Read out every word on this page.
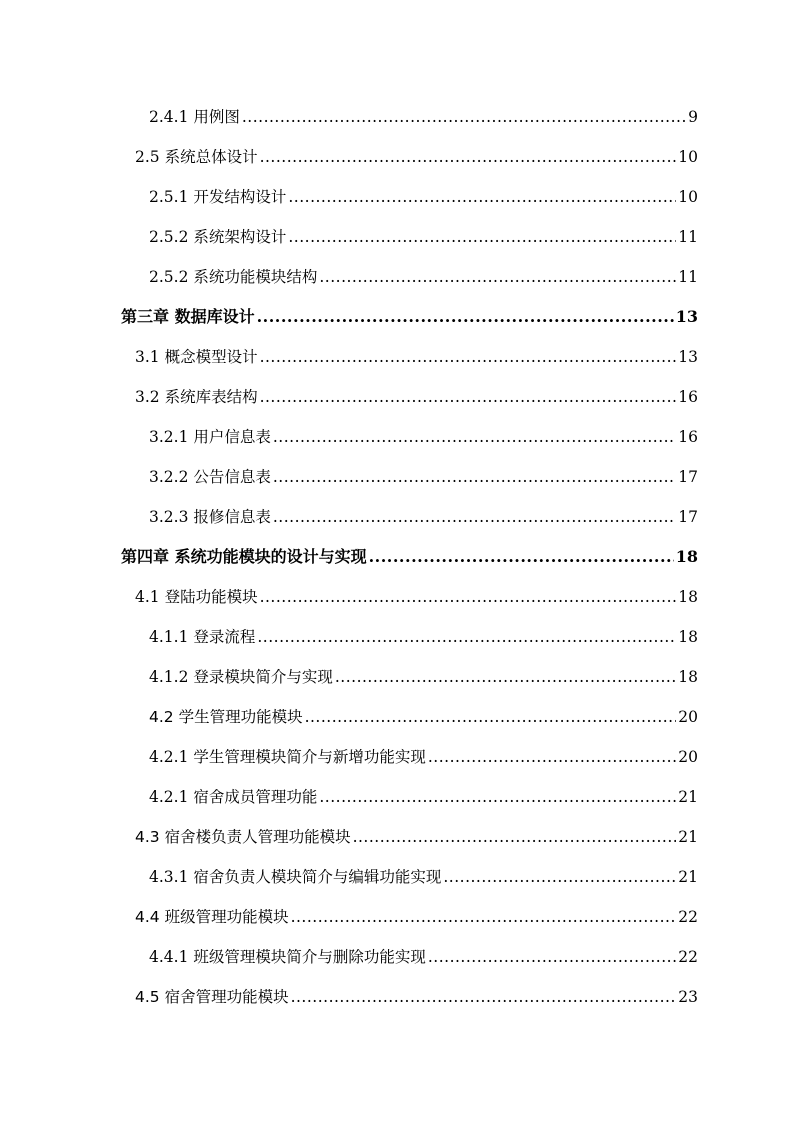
2.4.1 用例图 .....	9
2.5 系统总体设计 .....	10
2.5.1 开发结构设计 .....	10
2.5.2 系统架构设计 .....	11
2.5.2 系统功能模块结构 .....	11
第三章 数据库设计 .....	13
3.1 概念模型设计 .....	13
3.2 系统库表结构 .....	16
3.2.1 用户信息表 .....	16
3.2.2 公告信息表 .....	17
3.2.3 报修信息表 .....	17
第四章 系统功能模块的设计与实现 .....	18
4.1 登陆功能模块 .....	18
4.1.1 登录流程 .....	18
4.1.2 登录模块简介与实现 .....	18
4.2 学生管理功能模块 .....	20
4.2.1 学生管理模块简介与新增功能实现 .....	20
4.2.1 宿舍成员管理功能 .....	21
4.3 宿舍楼负责人管理功能模块 .....	21
4.3.1 宿舍负责人模块简介与编辑功能实现 .....	21
4.4 班级管理功能模块 .....	22
4.4.1 班级管理模块简介与删除功能实现 .....	22
4.5 宿舍管理功能模块 .....	23
